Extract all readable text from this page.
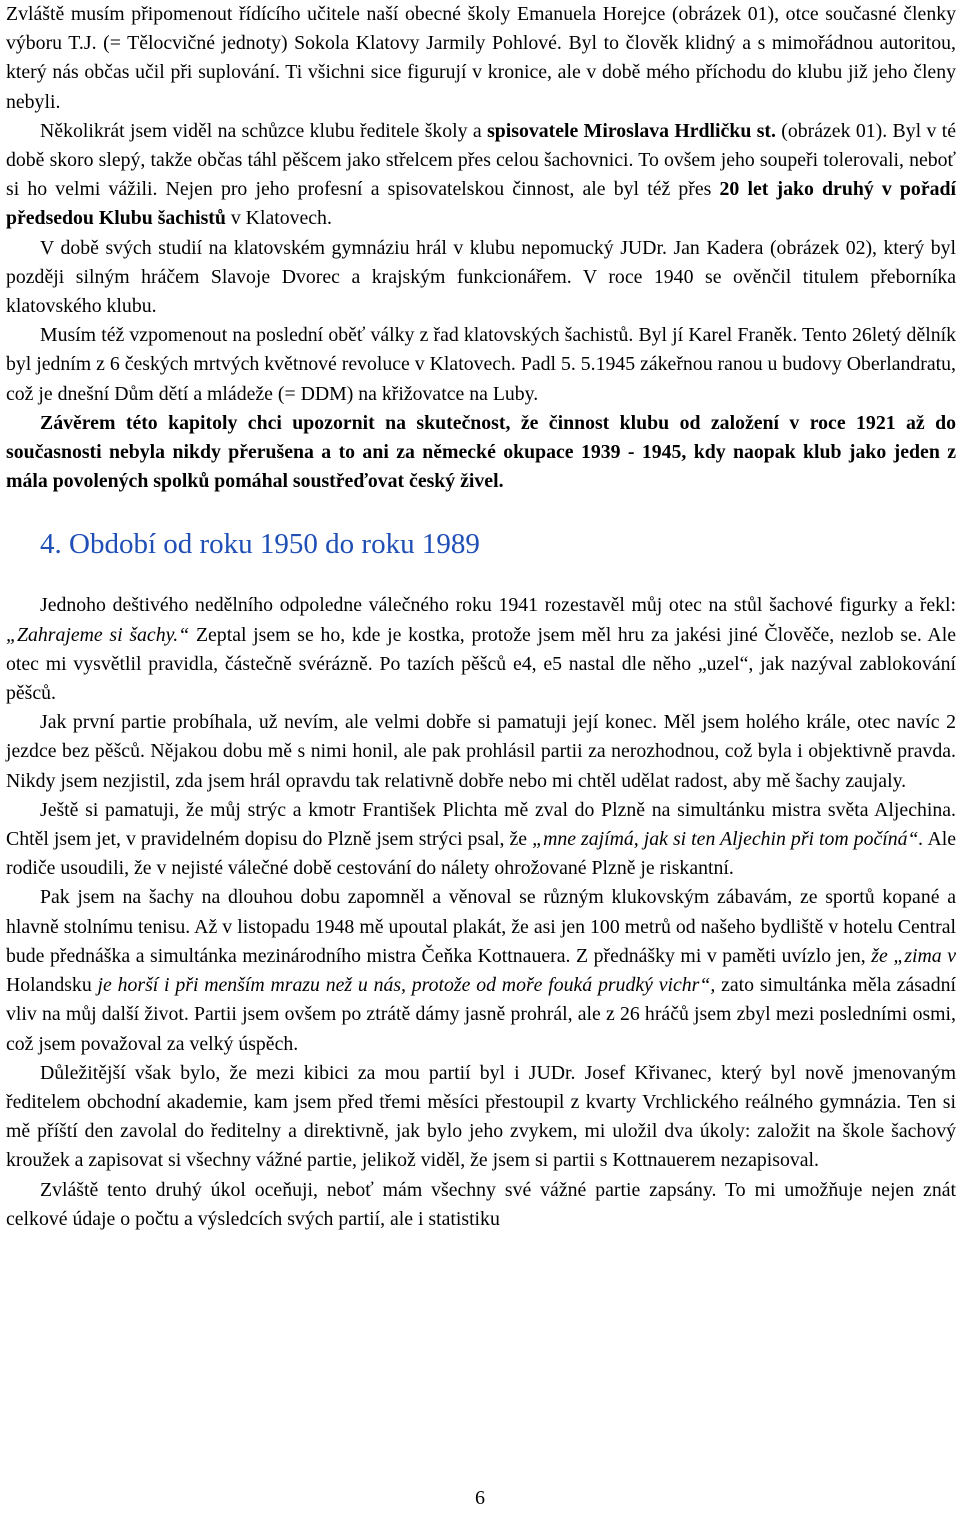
Zvláště musím připomenout řídícího učitele naší obecné školy Emanuela Horejce (obrázek 01), otce současné členky výboru T.J. (= Tělocvičné jednoty) Sokola Klatovy Jarmily Pohlové. Byl to člověk klidný a s mimořádnou autoritou, který nás občas učil při suplování. Ti všichni sice figurují v kronice, ale v době mého příchodu do klubu již jeho členy nebyli.

Několikrát jsem viděl na schůzce klubu ředitele školy a spisovatele Miroslava Hrdličku st. (obrázek 01). Byl v té době skoro slepý, takže občas táhl pěšcem jako střelcem přes celou šachovnici. To ovšem jeho soupeři tolerovali, neboť si ho velmi vážili. Nejen pro jeho profesní a spisovatelskou činnost, ale byl též přes 20 let jako druhý v pořadí předsedou Klubu šachistů v Klatovech.

V době svých studií na klatovském gymnáziu hrál v klubu nepomucký JUDr. Jan Kadera (obrázek 02), který byl později silným hráčem Slavoje Dvorec a krajským funkcionářem. V roce 1940 se ověnčil titulem přeborníka klatovského klubu.

Musím též vzpomenout na poslední oběť války z řad klatovských šachistů. Byl jí Karel Franěk. Tento 26letý dělník byl jedním z 6 českých mrtvých květnové revoluce v Klatovech. Padl 5. 5.1945 zákeřnou ranou u budovy Oberlandratu, což je dnešní Dům dětí a mládeže (= DDM) na křižovatce na Luby.

Závěrem této kapitoly chci upozornit na skutečnost, že činnost klubu od založení v roce 1921 až do současnosti nebyla nikdy přerušena a to ani za německé okupace 1939 - 1945, kdy naopak klub jako jeden z mála povolených spolků pomáhal soustřeďovat český živel.

4. Období od roku 1950 do roku 1989

Jednoho deštivého nedělního odpoledne válečného roku 1941 rozestavěl můj otec na stůl šachové figurky a řekl: „Zahrajeme si šachy.“ Zeptal jsem se ho, kde je kostka, protože jsem měl hru za jakési jiné Člověče, nezlob se. Ale otec mi vysvětlil pravidla, částečně svérázně. Po tazích pěšců e4, e5 nastal dle něho „uzel“, jak nazýval zablokování pěšců.

Jak první partie probíhala, už nevím, ale velmi dobře si pamatuji její konec. Měl jsem holého krále, otec navíc 2 jezdce bez pěšců. Nějakou dobu mě s nimi honil, ale pak prohlásil partii za nerozhodnou, což byla i objektivně pravda. Nikdy jsem nezjistil, zda jsem hrál opravdu tak relativně dobře nebo mi chtěl udělat radost, aby mě šachy zaujaly.

Ještě si pamatuji, že můj strýc a kmotr František Plichta mě zval do Plzně na simultánku mistra světa Aljechina. Chtěl jsem jet, v pravidelném dopisu do Plzně jsem strýci psal, že „mne zajímá, jak si ten Aljechin při tom počíná“. Ale rodiče usoudili, že v nejisté válečné době cestování do nálety ohrožované Plzně je riskantní.

Pak jsem na šachy na dlouhou dobu zapomněl a věnoval se různým klukovským zábavám, ze sportů kopané a hlavně stolnímu tenisu. Až v listopadu 1948 mě upoutal plakát, že asi jen 100 metrů od našeho bydliště v hotelu Central bude přednáška a simultánka mezinárodního mistra Čeňka Kottnauera. Z přednášky mi v paměti uvízlo jen, že „zima v Holandsku je horší i při menším mrazu než u nás, protože od moře fouká prudký vichr“, zato simultánka měla zásadní vliv na můj další život. Partii jsem ovšem po ztrátě dámy jasně prohrál, ale z 26 hráčů jsem zbyl mezi posledními osmi, což jsem považoval za velký úspěch.

Důležitější však bylo, že mezi kibici za mou partií byl i JUDr. Josef Křivanec, který byl nově jmenovaným ředitelem obchodní akademie, kam jsem před třemi měsíci přestoupil z kvarty Vrchlického reálného gymnázia. Ten si mě příští den zavolal do ředitelny a direktivně, jak bylo jeho zvykem, mi uložil dva úkoly: založit na škole šachový kroužek a zapisovat si všechny vážné partie, jelikož viděl, že jsem si partii s Kottnauerem nezapisoval.

Zvláště tento druhý úkol oceňuji, neboť mám všechny své vážné partie zapsány. To mi umožňuje nejen znát celkové údaje o počtu a výsledcích svých partií, ale i statistiku

6
